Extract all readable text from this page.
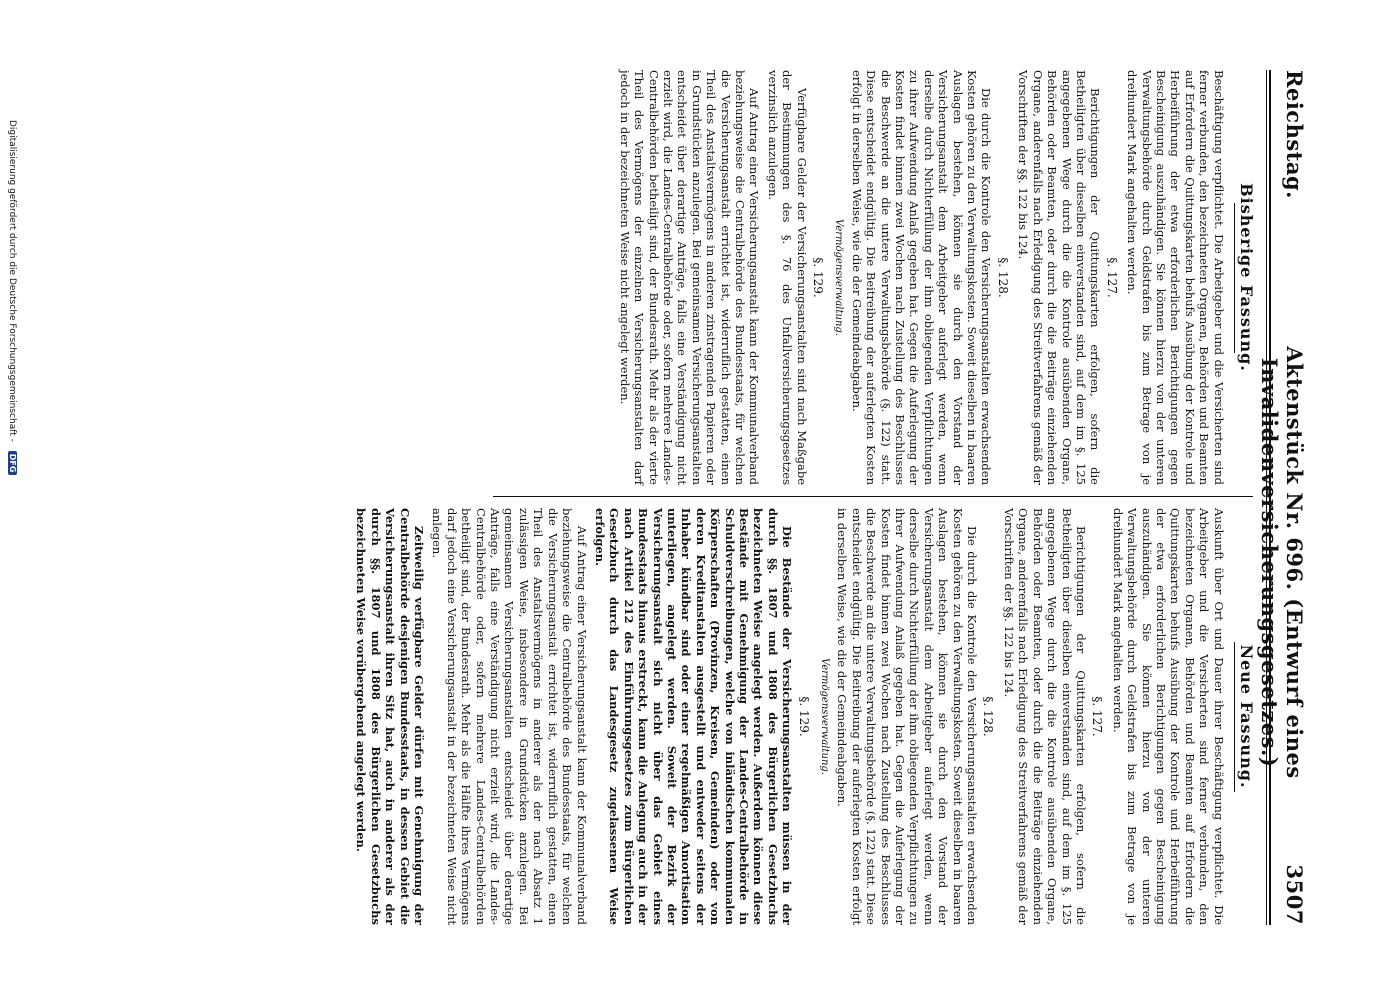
Reichstag.
Aktenstück Nr. 696. (Entwurf eines Invalidenversicherungsgesetzes.)
3507
Bisherige Fassung.

Beschäftigung verpflichtet. Die Arbeitgeber und die Versicherten sind ferner verbunden, den bezeichneten Organen, Behörden und Beamten auf Erfordern die Quittungskarten behufs Ausübung der Kontrole und Herbeiführung der etwa erforderlichen Berichtigungen gegen Bescheinigung auszuhändigen. Sie können hierzu von der unteren Verwaltungsbehörde durch Geldstrafen bis zum Betrage von je dreihundert Mark angehalten werden.

§. 127.

Berichtigungen der Quittungskarten erfolgen, sofern die Betheiligten über dieselben einverstanden sind, auf dem im §. 125 angegebenen Wege durch die die Kontrole ausübenden Organe, Behörden oder Beamten, oder durch die die Beiträge einziehenden Organe, anderenfalls nach Erledigung des Streitverfahrens gemäß der Vorschriften der §§. 122 bis 124.

§. 128.

Die durch die Kontrole den Versicherungsanstalten erwachsenden Kosten gehören zu den Verwaltungskosten. Soweit dieselben in baaren Auslagen bestehen, können sie durch den Vorstand der Versicherungsanstalt dem Arbeitgeber auferlegt werden, wenn derselbe durch Nichterfüllung der ihm obliegenden Verpflichtungen zu ihrer Aufwendung Anlaß gegeben hat. Gegen die Auferlegung der Kosten findet binnen zwei Wochen nach Zustellung des Beschlusses die Beschwerde an die untere Verwaltungsbehörde (§. 122) statt. Diese entscheidet endgültig. Die Beitreibung der auferlegten Kosten erfolgt in derselben Weise, wie die der Gemeindeabgaben.

Vermögensverwaltung.
§. 129.

Verfügbare Gelder der Versicherungsanstalten sind nach Maßgabe der Bestimmungen des §. 76 des Unfallversicherungsgesetzes verzinslich anzulegen.

Auf Antrag einer Versicherungsanstalt kann der Kommunalverband beziehungsweise die Centralbehörde des Bundesstaats, für welchen die Versicherungsanstalt errichtet ist, widerruflich gestatten, einen Theil des Anstaltsvermögens in anderen zinstragenden Papieren oder in Grundstücken anzulegen. Bei gemeinsamen Versicherungsanstalten entscheidet über derartige Anträge, falls eine Verständigung nicht erzielt wird, die Landes-Centralbehörde oder, sofern mehrere Landes-Centralbehörden betheiligt sind, der Bundesrath. Mehr als der vierte Theil des Vermögens der einzelnen Versicherungsanstalten darf jedoch in der bezeichneten Weise nicht angelegt werden.

Neue Fassung.

Auskunft über Ort und Dauer ihrer Beschäftigung verpflichtet. Die Arbeitgeber und die Versicherten sind ferner verbunden, den bezeichneten Organen, Behörden und Beamten auf Erfordern die Quittungskarten behufs Ausübung der Kontrole und Herbeiführung der etwa erforderlichen Berichtigungen gegen Bescheinigung auszuhändigen. Sie können hierzu von der unteren Verwaltungsbehörde durch Geldstrafen bis zum Betrage von je dreihundert Mark angehalten werden.

§. 127.

Berichtigungen der Quittungskarten erfolgen, sofern die Betheiligten über dieselben einverstanden sind, auf dem im §. 125 angegebenen Wege durch die die Kontrole ausübenden Organe, Behörden oder Beamten, oder durch die die Beiträge einziehenden Organe, anderenfalls nach Erledigung des Streitverfahrens gemäß der Vorschriften der §§. 122 bis 124.

§. 128.

Die durch die Kontrole den Versicherungsanstalten erwachsenden Kosten gehören zu den Verwaltungskosten. Soweit dieselben in baaren Auslagen bestehen, können sie durch den Vorstand der Versicherungsanstalt dem Arbeitgeber auferlegt werden, wenn derselbe durch Nichterfüllung der ihm obliegenden Verpflichtungen zu ihrer Aufwendung Anlaß gegeben hat. Gegen die Auferlegung der Kosten findet binnen zwei Wochen nach Zustellung des Beschlusses die Beschwerde an die untere Verwaltungsbehörde (§. 122) statt. Diese entscheidet endgültig. Die Beitreibung der auferlegten Kosten erfolgt in derselben Weise, wie die der Gemeindeabgaben.

Vermögensverwaltung.
§. 129.

Die Bestände der Versicherungsanstalten müssen in der durch §§. 1807 und 1808 des Bürgerlichen Gesetzbuchs bezeichneten Weise angelegt werden. Außerdem können diese Bestände mit Genehmigung der Landes-Centralbehörde in Schuldverschreibungen, welche von inländischen kommunalen Körperschaften (Provinzen, Kreisen, Gemeinden) oder von deren Kreditanstalten ausgestellt und entweder seitens der Inhaber kündbar sind oder einer regelmäßigen Amortisation unterliegen, angelegt werden. Soweit der Bezirk der Versicherungsanstalt sich nicht über das Gebiet eines Bundesstaats hinaus erstreckt, kann die Anlegung auch in der nach Artikel 212 des Einführungsgesetzes zum Bürgerlichen Gesetzbuch durch das Landesgesetz zugelassenen Weise erfolgen.

Auf Antrag einer Versicherungsanstalt kann der Kommunalverband beziehungsweise die Centralbehörde des Bundesstaats, für welchen die Versicherungsanstalt errichtet ist, widerruflich gestatten, einen Theil des Anstaltsvermögens in anderer als der nach Absatz 1 zulässigen Weise, insbesondere in Grundstücken anzulegen. Bei gemeinsamen Versicherungsanstalten entscheidet über derartige Anträge, falls eine Verständigung nicht erzielt wird, die Landes-Centralbehörde oder, sofern mehrere Landes-Centralbehörden betheiligt sind, der Bundesrath. Mehr als die Hälfte ihres Vermögens darf jedoch eine Versicherungsanstalt in der bezeichneten Weise nicht anlegen.

Zeitweilig verfügbare Gelder dürfen mit Genehmigung der Centralbehörde desjenigen Bundesstaats, in dessen Gebiet die Versicherungsanstalt ihren Sitz hat, auch in anderer als der durch §§. 1807 und 1808 des Bürgerlichen Gesetzbuchs bezeichneten Weise vorübergehend angelegt werden.

Digitalisierung gefördert durch die Deutsche Forschungsgemeinschaft - DFG
